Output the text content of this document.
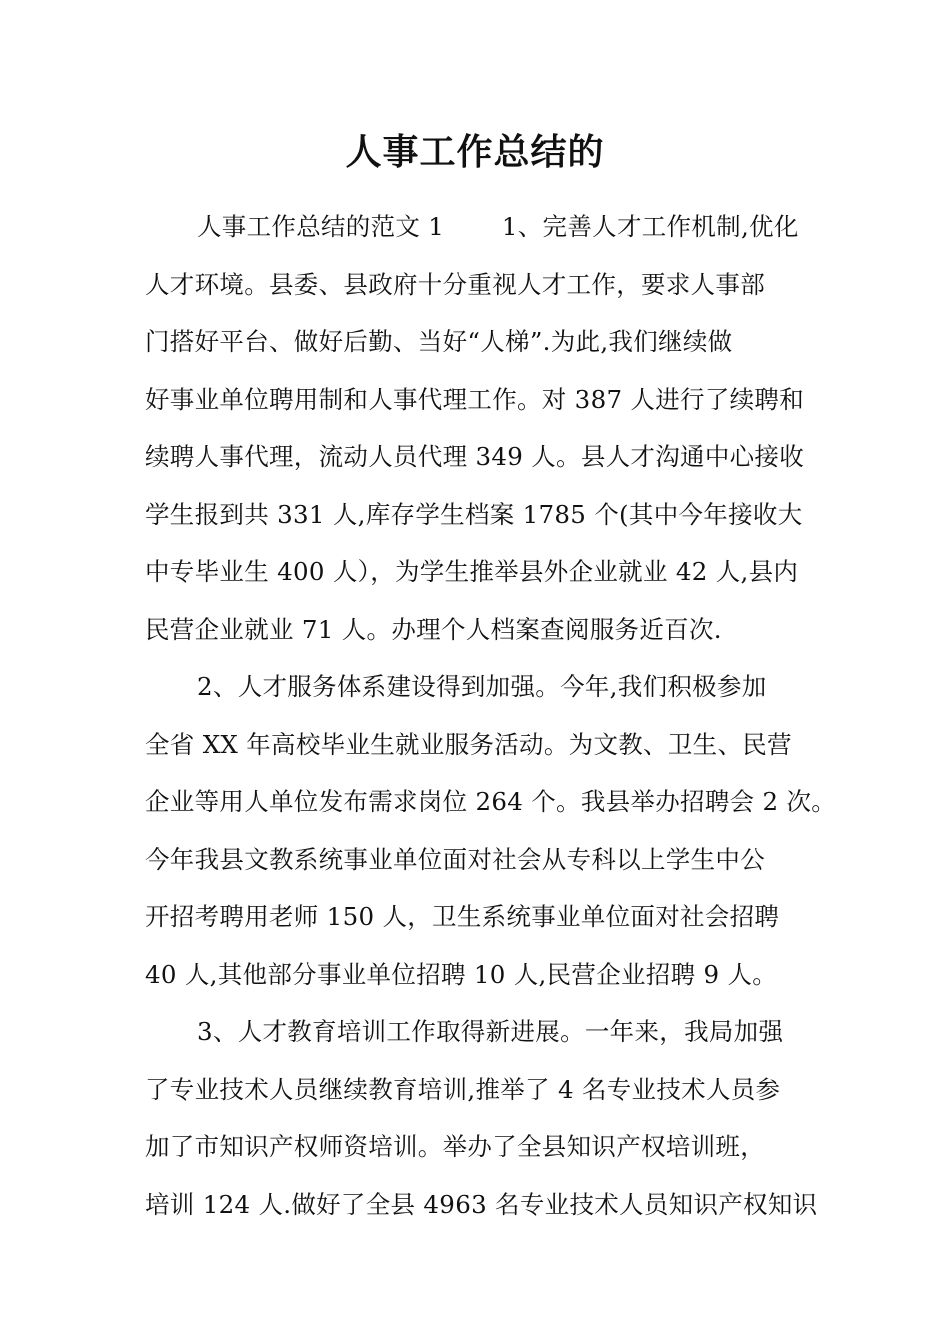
人事工作总结的
人事工作总结的范文 1　　 1、完善人才工作机制,优化
人才环境。县委、县政府十分重视人才工作，要求人事部
门搭好平台、做好后勤、当好“人梯”.为此,我们继续做
好事业单位聘用制和人事代理工作。对 387 人进行了续聘和
续聘人事代理，流动人员代理 349 人。县人才沟通中心接收
学生报到共 331 人,库存学生档案 1785 个(其中今年接收大
中专毕业生 400 人），为学生推举县外企业就业 42 人,县内
民营企业就业 71 人。办理个人档案查阅服务近百次.
2、人才服务体系建设得到加强。今年,我们积极参加
全省 XX 年高校毕业生就业服务活动。为文教、卫生、民营
企业等用人单位发布需求岗位 264 个。我县举办招聘会 2 次。
今年我县文教系统事业单位面对社会从专科以上学生中公
开招考聘用老师 150 人，卫生系统事业单位面对社会招聘
40 人,其他部分事业单位招聘 10 人,民营企业招聘 9 人。
3、人才教育培训工作取得新进展。一年来，我局加强
了专业技术人员继续教育培训,推举了 4 名专业技术人员参
加了市知识产权师资培训。举办了全县知识产权培训班，
培训 124 人.做好了全县 4963 名专业技术人员知识产权知识
